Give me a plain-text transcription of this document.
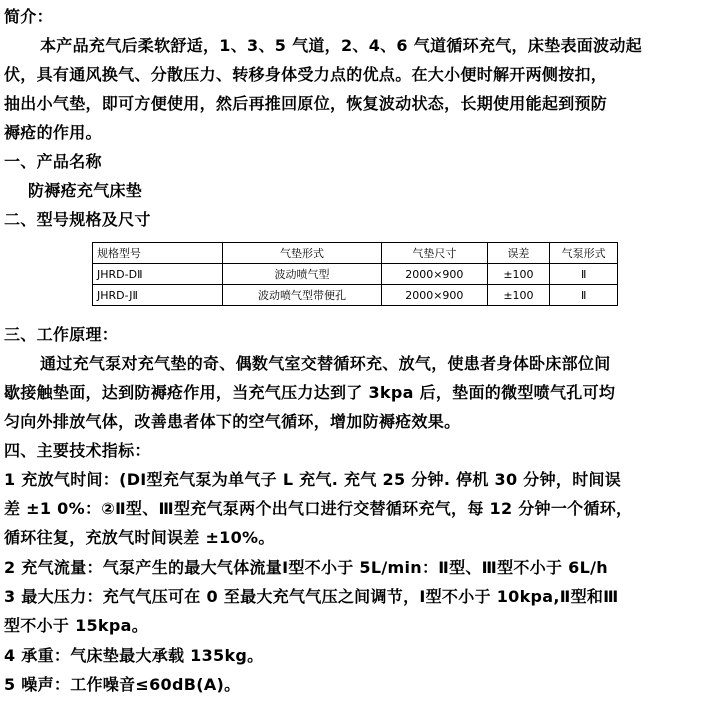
简介：
本产品充气后柔软舒适，1、3、5 气道，2、4、6 气道循环充气，床垫表面波动起
伏，具有通风换气、分散压力、转移身体受力点的优点。在大小便时解开两侧按扣，
抽出小气垫，即可方便使用，然后再推回原位，恢复波动状态，长期使用能起到预防
褥疮的作用。
一、产品名称
防褥疮充气床垫
二、型号规格及尺寸
规格型号	气垫形式	气垫尺寸	误差	气泵形式
JHRD-DⅡ	波动喷气型	2000×900	±100	Ⅱ
JHRD-JⅡ	波动喷气型带便孔	2000×900	±100	Ⅱ
三、工作原理：
通过充气泵对充气垫的奇、偶数气室交替循环充、放气，使患者身体卧床部位间
歇接触垫面，达到防褥疮作用，当充气压力达到了 3kpa 后，垫面的微型喷气孔可均
匀向外排放气体，改善患者体下的空气循环，增加防褥疮效果。
四、主要技术指标：
1 充放气时间：(DⅠ型充气泵为单气子 L 充气. 充气 25 分钟. 停机 30 分钟，时间误
差 ±1 0%：②Ⅱ型、Ⅲ型充气泵两个出气口进行交替循环充气，每 12 分钟一个循环，
循环往复，充放气时间误差 ±10%。
2 充气流量：气泵产生的最大气体流量Ⅰ型不小于 5L/min：Ⅱ型、Ⅲ型不小于 6L/h
3 最大压力：充气气压可在 0 至最大充气气压之间调节，Ⅰ型不小于 10kpa,Ⅱ型和Ⅲ
型不小于 15kpa。
4 承重：气床垫最大承载 135kg。
5 噪声：工作噪音≤60dB(A)。
